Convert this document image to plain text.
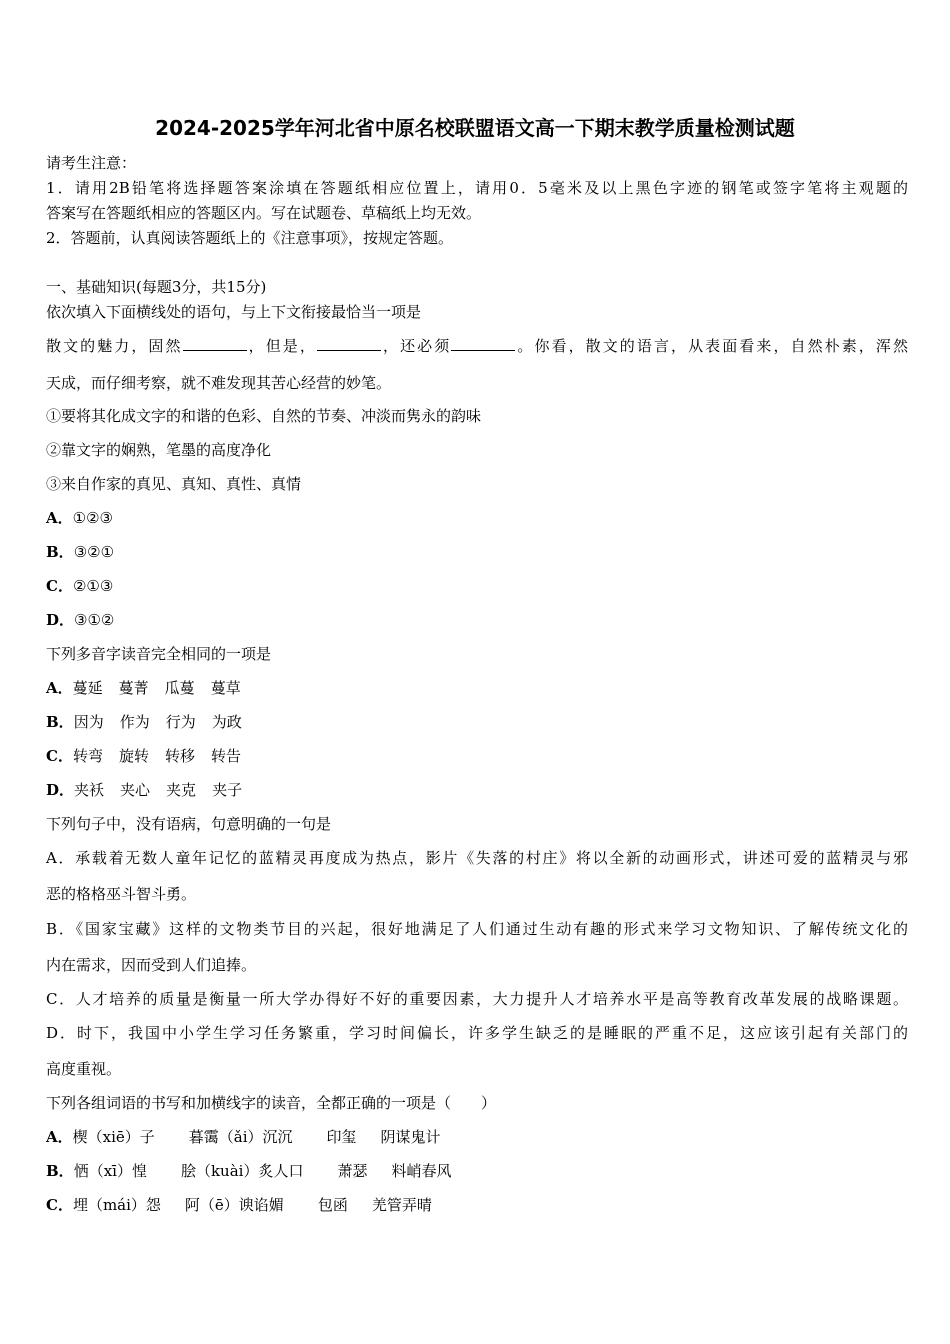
2024-2025学年河北省中原名校联盟语文高一下期末教学质量检测试题
请考生注意：
1．请用2B铅笔将选择题答案涂填在答题纸相应位置上，请用0．5毫米及以上黑色字迹的钢笔或签字笔将主观题的
答案写在答题纸相应的答题区内。写在试题卷、草稿纸上均无效。
2．答题前，认真阅读答题纸上的《注意事项》，按规定答题。
一、基础知识(每题3分，共15分)
依次填入下面横线处的语句，与上下文衔接最恰当一项是
散文的魅力，固然	，但是，	，还必须	。你看，散文的语言，从表面看来，自然朴素，浑然
天成，而仔细考察，就不难发现其苦心经营的妙笔。
①要将其化成文字的和谐的色彩、自然的节奏、冲淡而隽永的韵味
②靠文字的娴熟，笔墨的高度净化
③来自作家的真见、真知、真性、真情
A．①②③
B．③②①
C．②①③
D．③①②
下列多音字读音完全相同的一项是
A．蔓延 蔓菁 瓜蔓 蔓草
B．因为 作为 行为 为政
C．转弯 旋转 转移 转告
D．夹袄 夹心 夹克 夹子
下列句子中，没有语病，句意明确的一句是
A．承载着无数人童年记忆的蓝精灵再度成为热点，影片《失落的村庄》将以全新的动画形式，讲述可爱的蓝精灵与邪
恶的格格巫斗智斗勇。
B．《国家宝藏》这样的文物类节目的兴起，很好地满足了人们通过生动有趣的形式来学习文物知识、了解传统文化的
内在需求，因而受到人们追捧。
C．人才培养的质量是衡量一所大学办得好不好的重要因素，大力提升人才培养水平是高等教育改革发展的战略课题。
D．时下，我国中小学生学习任务繁重，学习时间偏长，许多学生缺乏的是睡眠的严重不足，这应该引起有关部门的
高度重视。
下列各组词语的书写和加横线字的读音，全都正确的一项是（　　）
A．楔（xiē）子 暮霭（ǎi）沉沉 印玺 阴谋鬼计
B．恓（xī）惶 脍（kuài）炙人口 萧瑟 料峭春风
C．埋（mái）怨 阿（ē）谀谄媚 包函 羌管弄晴
